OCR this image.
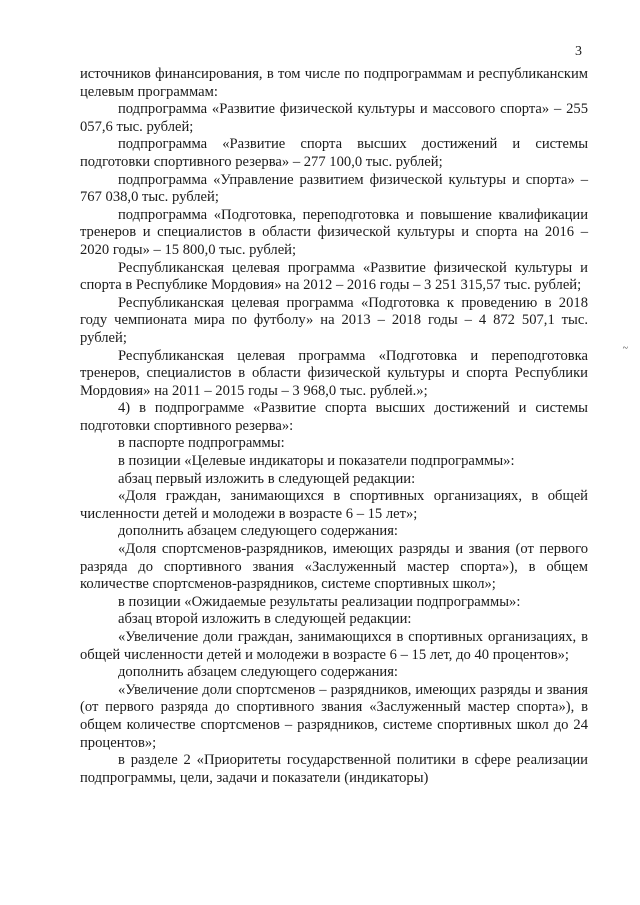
3
~

источников финансирования, в том числе по подпрограммам и республиканским целевым программам:

подпрограмма «Развитие физической культуры и массового спорта» – 255 057,6 тыс. рублей;

подпрограмма «Развитие спорта высших достижений и системы подготовки спортивного резерва» – 277 100,0 тыс. рублей;

подпрограмма «Управление развитием физической культуры и спорта» – 767 038,0 тыс. рублей;

подпрограмма «Подготовка, переподготовка и повышение квалификации тренеров и специалистов в области физической культуры и спорта на 2016 – 2020 годы» – 15 800,0 тыс. рублей;

Республиканская целевая программа «Развитие физической культуры и спорта в Республике Мордовия» на 2012 – 2016 годы – 3 251 315,57 тыс. рублей;

Республиканская целевая программа «Подготовка к проведению в 2018 году чемпионата мира по футболу» на 2013 – 2018 годы – 4 872 507,1 тыс. рублей;

Республиканская целевая программа «Подготовка и переподготовка тренеров, специалистов в области физической культуры и спорта Республики Мордовия» на 2011 – 2015 годы – 3 968,0 тыс. рублей.»;

4) в подпрограмме «Развитие спорта высших достижений и системы подготовки спортивного резерва»:

в паспорте подпрограммы:

в позиции «Целевые индикаторы и показатели подпрограммы»:

абзац первый изложить в следующей редакции:

«Доля граждан, занимающихся в спортивных организациях, в общей численности детей и молодежи в возрасте 6 – 15 лет»;

дополнить абзацем следующего содержания:

«Доля спортсменов-разрядников, имеющих разряды и звания (от первого разряда до спортивного звания «Заслуженный мастер спорта»), в общем количестве спортсменов-разрядников, системе спортивных школ»;

в позиции «Ожидаемые результаты реализации подпрограммы»:

абзац второй изложить в следующей редакции:

«Увеличение доли граждан, занимающихся в спортивных организациях, в общей численности детей и молодежи в возрасте 6 – 15 лет, до 40 процентов»;

дополнить абзацем следующего содержания:

«Увеличение доли спортсменов – разрядников, имеющих разряды и звания (от первого разряда до спортивного звания «Заслуженный мастер спорта»), в общем количестве спортсменов – разрядников, системе спортивных школ до 24 процентов»;

в разделе 2 «Приоритеты государственной политики в сфере реализации подпрограммы, цели, задачи и показатели (индикаторы)
